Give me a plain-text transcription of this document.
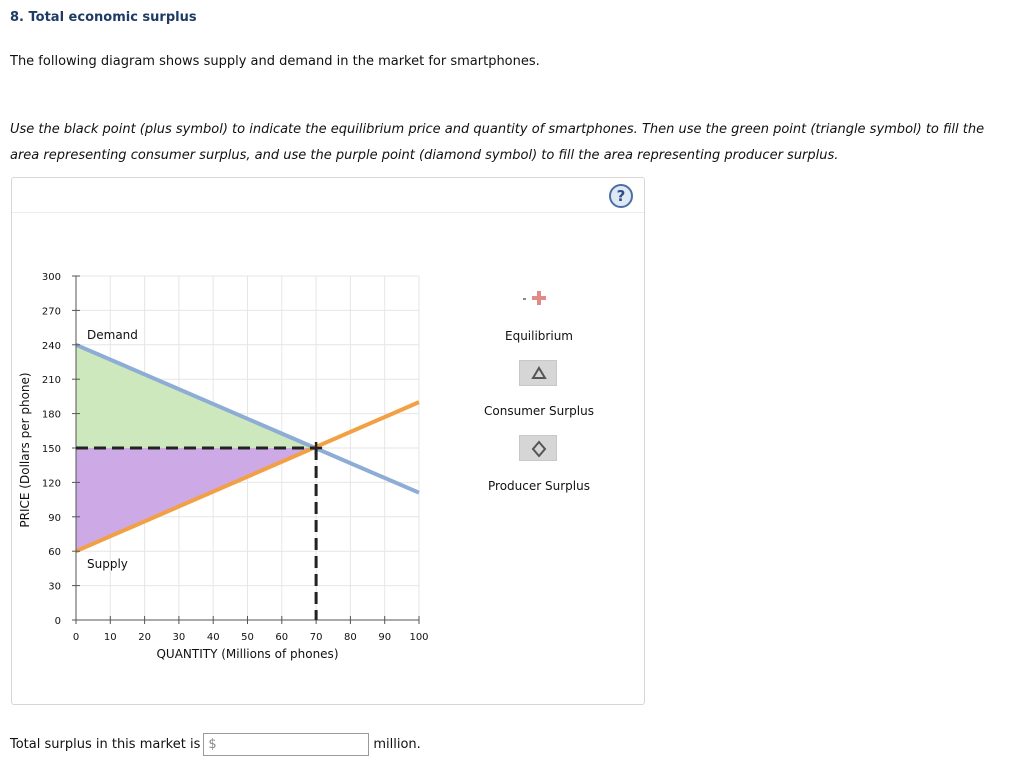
8. Total economic surplus
The following diagram shows supply and demand in the market for smartphones.
Use the black point (plus symbol) to indicate the equilibrium price and quantity of smartphones. Then use the green point (triangle symbol) to fill the area representing consumer surplus, and use the purple point (diamond symbol) to fill the area representing producer surplus.
?
0 10 20 30 40 50 60 70 80 90 100
0
30
60
90
120
150
180
210
240
270
300
QUANTITY (Millions of phones)
PRICE (Dollars per phone)
Demand
Supply
Equilibrium
Consumer Surplus
Producer Surplus
Total surplus in this market is $	million.
